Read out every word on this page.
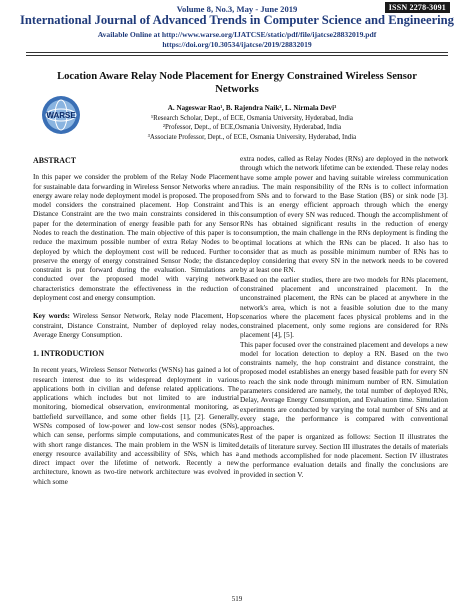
ISSN 2278-3091
Volume 8, No.3, May - June 2019
International Journal of Advanced Trends in Computer Science and Engineering
Available Online at http://www.warse.org/IJATCSE/static/pdf/file/ijatcse28832019.pdf
https://doi.org/10.30534/ijatcse/2019/28832019
Location Aware Relay Node Placement for Energy Constrained Wireless Sensor Networks
WARSE
A. Nageswar Rao¹, B. Rajendra Naik², L. Nirmala Devi³
¹Research Scholar, Dept., of ECE, Osmania University, Hyderabad, India
²Professor, Dept., of ECE,Osmania University, Hyderabad, India
³Associate Professor, Dept., of ECE, Osmania University, Hyderabad, India
ABSTRACT

In this paper we consider the problem of the Relay Node Placement for sustainable data forwarding in Wireless Sensor Networks where an energy aware relay node deployment model is proposed. The proposed model considers the constrained placement. Hop Constraint and Distance Constraint are the two main constraints considered in this paper for the determination of energy feasible path for any Sensor Nodes to reach the destination. The main objective of this paper is to reduce the maximum possible number of extra Relay Nodes to be deployed by which the deployment cost will be reduced. Further to preserve the energy of energy constrained Sensor Node; the distance constraint is put forward during the evaluation. Simulations are conducted over the proposed model with varying network characteristics demonstrate the effectiveness in the reduction of deployment cost and energy consumption.

Key words: Wireless Sensor Network, Relay node Placement, Hop constraint, Distance Constraint, Number of deployed relay nodes, Average Energy Consumption.

1. INTRODUCTION

In recent years, Wireless Sensor Networks (WSNs) has gained a lot of research interest due to its widespread deployment in various applications both in civilian and defense related applications. The applications which includes but not limited to are industrial monitoring, biomedical observation, environmental monitoring, as battlefield surveillance, and some other fields [1], [2]. Generally, WSNs composed of low-power and low-cost sensor nodes (SNs), which can sense, performs simple computations, and communicates with short range distances. The main problem in the WSN is limited energy resource availability and accessibility of SNs, which has a direct impact over the lifetime of network. Recently a new architecture, known as two-tire network architecture was evolved in which some

extra nodes, called as Relay Nodes (RNs) are deployed in the network through which the network lifetime can be extended. These relay nodes have some ample power and having suitable wireless communication radius. The main responsibility of the RNs is to collect information from SNs and to forward to the Base Station (BS) or sink node [3]. This is an energy efficient approach through which the energy consumption of every SN was reduced. Though the accomplishment of RNs has obtained significant results in the reduction of energy consumption, the main challenge in the RNs deployment is finding the optimal locations at which the RNs can be placed. It also has to consider that as much as possible minimum number of RNs has to deploy considering that every SN in the network needs to be covered by at least one RN.

Based on the earlier studies, there are two models for RNs placement, constrained placement and unconstrained placement. In the unconstrained placement, the RNs can be placed at anywhere in the network's area, which is not a feasible solution due to the many scenarios where the placement faces physical problems and in the constrained placement, only some regions are considered for RNs placement [4], [5].

This paper focused over the constrained placement and develops a new model for location detection to deploy a RN. Based on the two constraints namely, the hop constraint and distance constraint, the proposed model establishes an energy based feasible path for every SN to reach the sink node through minimum number of RN. Simulation parameters considered are namely, the total number of deployed RNs, Delay, Average Energy Consumption, and Evaluation time. Simulation experiments are conducted by varying the total number of SNs and at every stage, the performance is compared with conventional approaches.

Rest of the paper is organized as follows: Section II illustrates the details of literature survey. Section III illustrates the details of materials and methods accomplished for node placement. Section IV illustrates the performance evaluation details and finally the conclusions are provided in section V.

519
